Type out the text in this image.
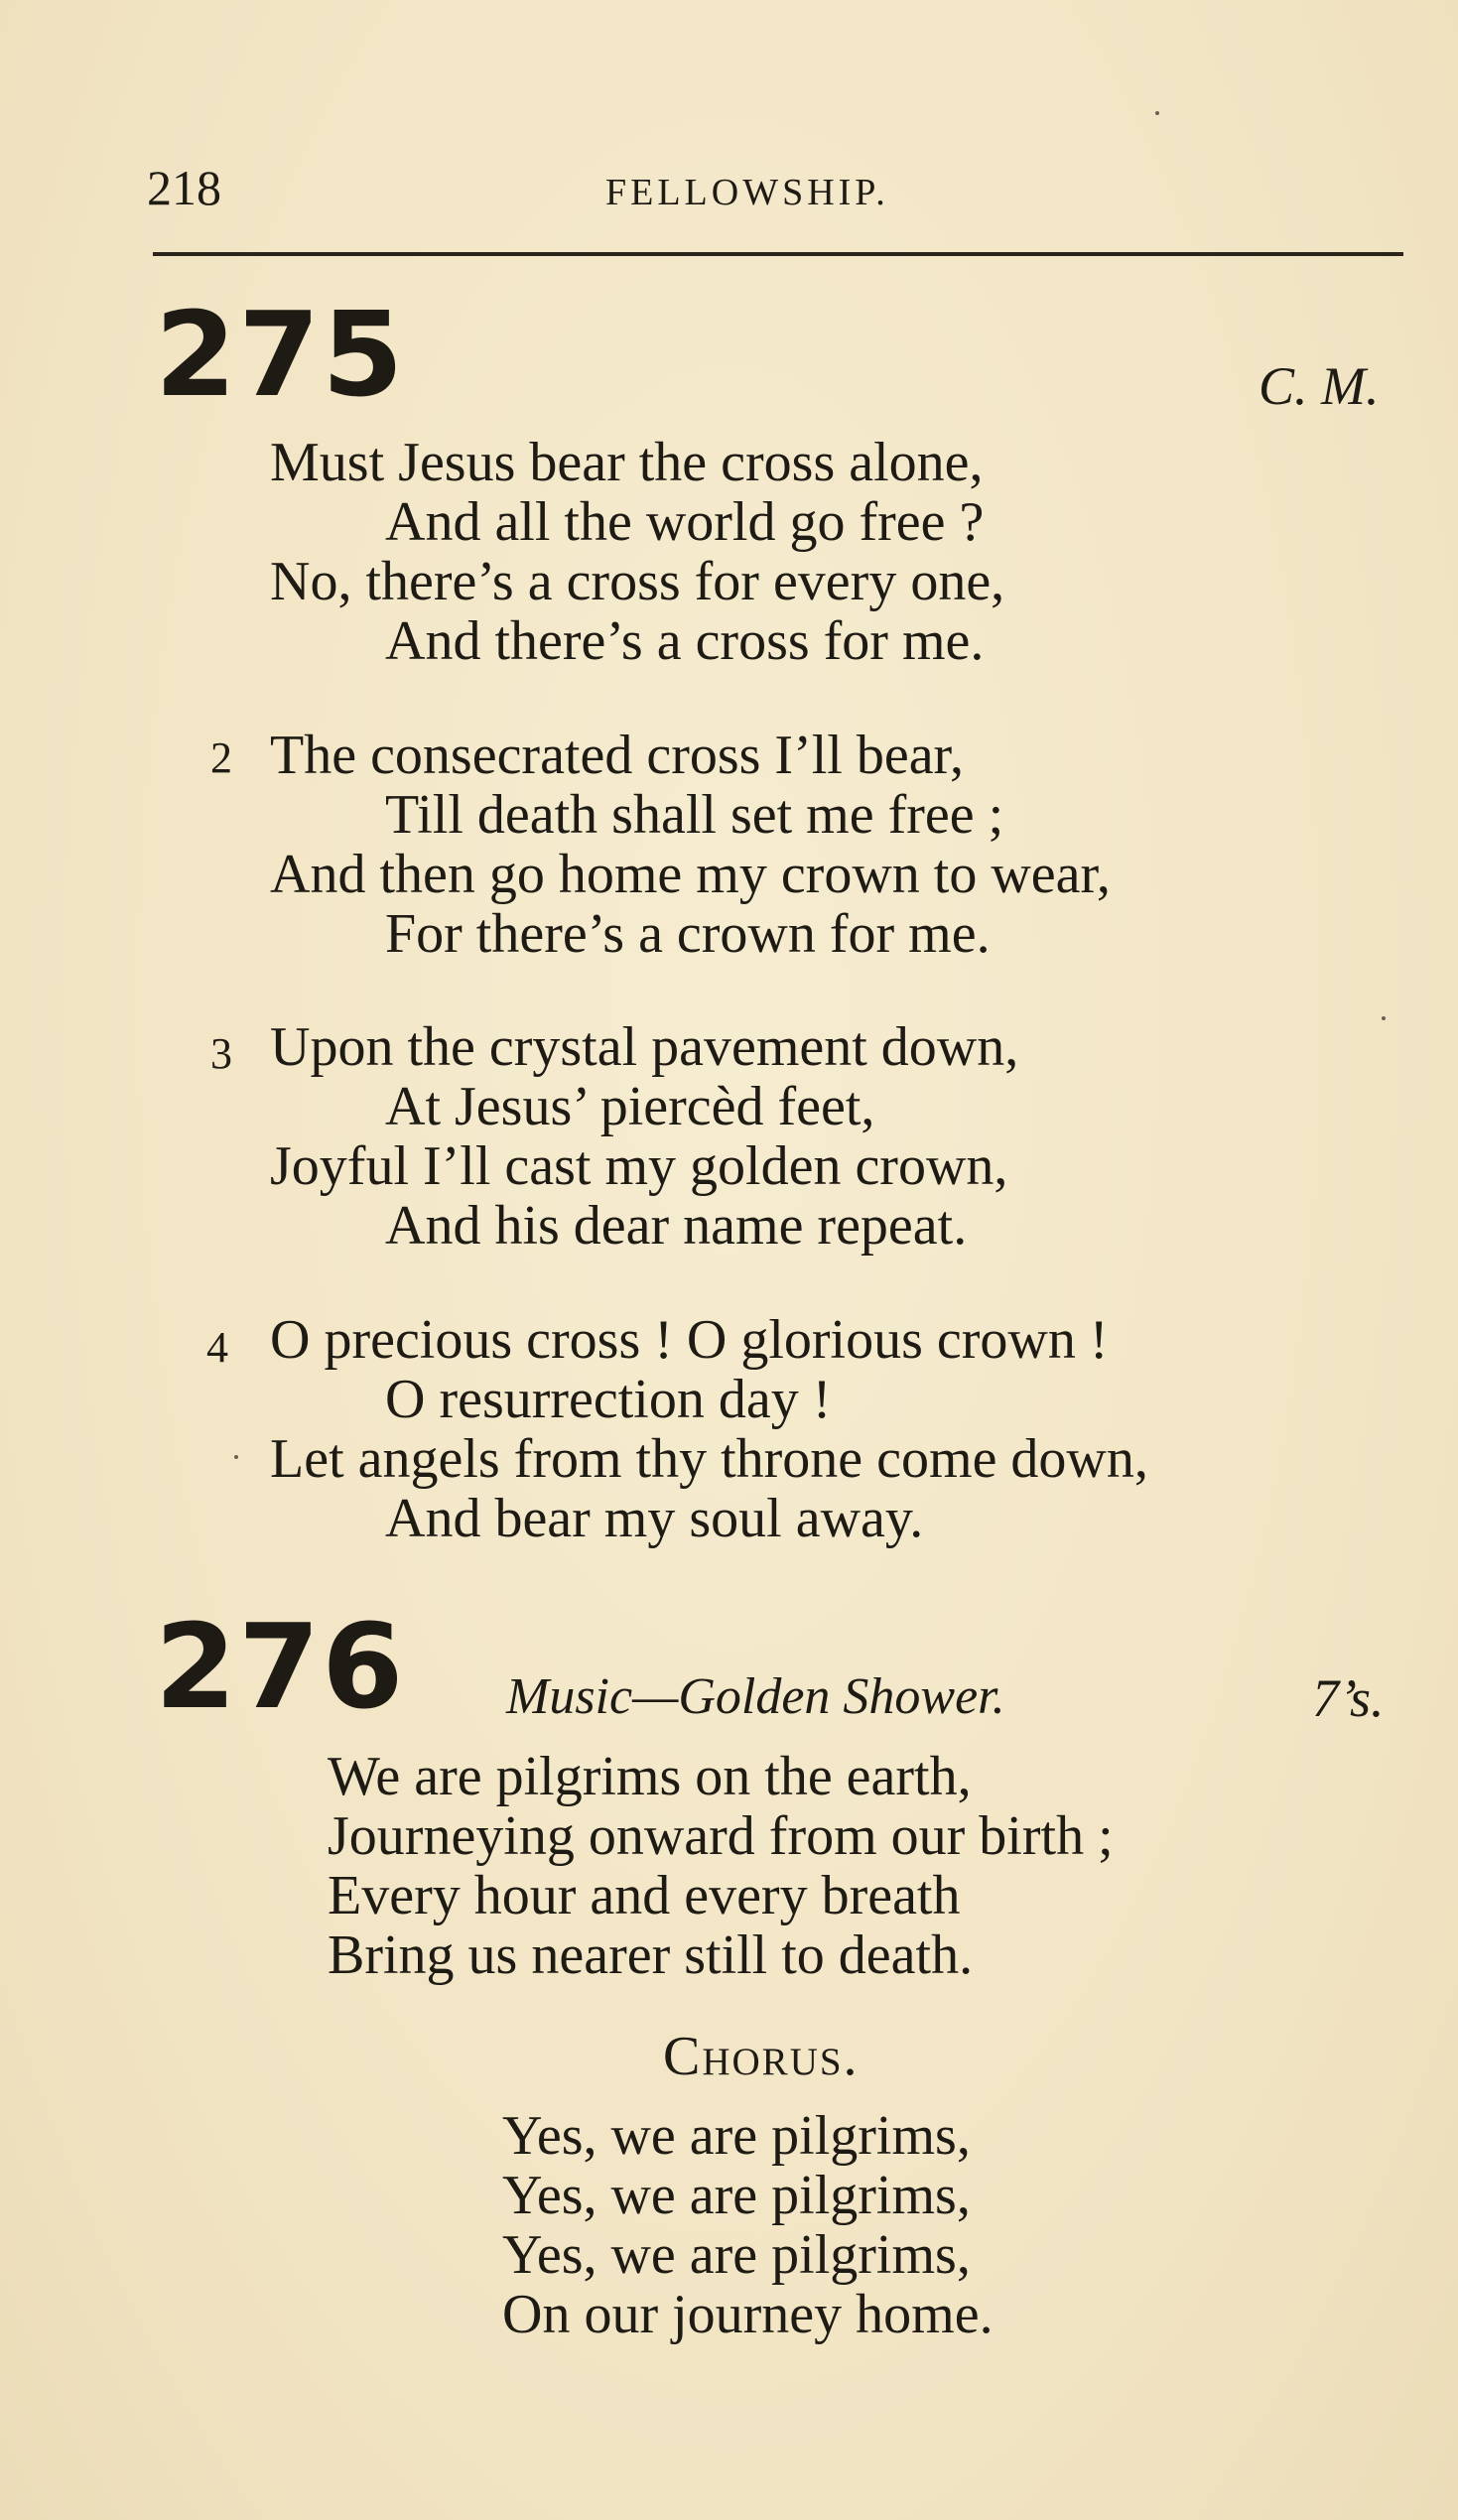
218	FELLOWSHIP.
275	C. M.
Must Jesus bear the cross alone,
And all the world go free ?
No, there’s a cross for every one,
And there’s a cross for me.
2 The consecrated cross I’ll bear,
Till death shall set me free ;
And then go home my crown to wear,
For there’s a crown for me.
3 Upon the crystal pavement down,
At Jesus’ piercèd feet,
Joyful I’ll cast my golden crown,
And his dear name repeat.
4 O precious cross ! O glorious crown !
O resurrection day !
Let angels from thy throne come down,
And bear my soul away.
276 Music—Golden Shower.	7’s.
We are pilgrims on the earth,
Journeying onward from our birth ;
Every hour and every breath
Bring us nearer still to death.
Chorus.
Yes, we are pilgrims,
Yes, we are pilgrims,
Yes, we are pilgrims,
On our journey home.
